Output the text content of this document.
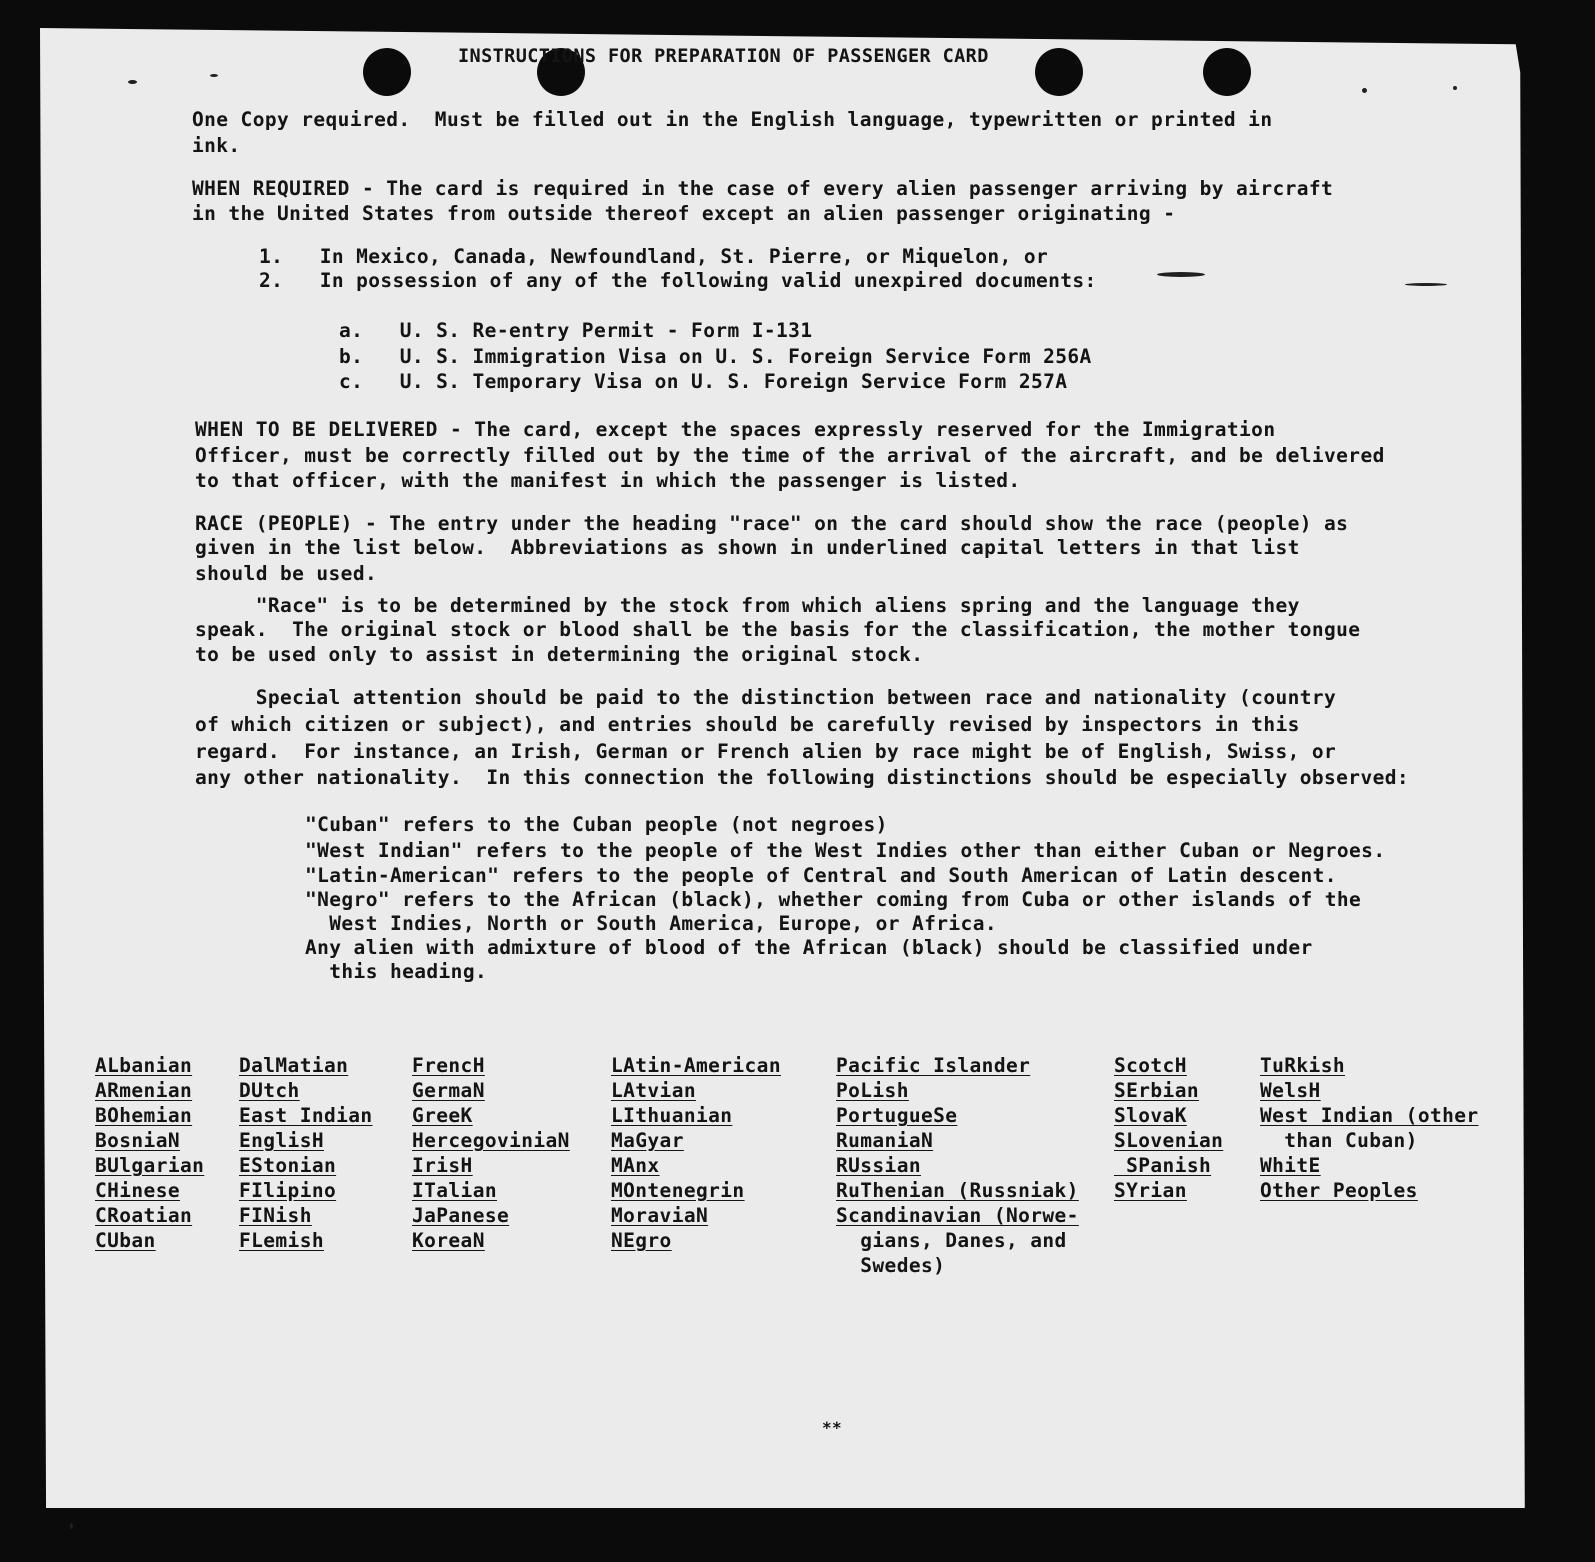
INSTRUCTIONS FOR PREPARATION OF PASSENGER CARD
One Copy required.  Must be filled out in the English language, typewritten or printed in
ink.
WHEN REQUIRED - The card is required in the case of every alien passenger arriving by aircraft
in the United States from outside thereof except an alien passenger originating -
1.   In Mexico, Canada, Newfoundland, St. Pierre, or Miquelon, or
2.   In possession of any of the following valid unexpired documents:
a.   U. S. Re-entry Permit - Form I-131
b.   U. S. Immigration Visa on U. S. Foreign Service Form 256A
c.   U. S. Temporary Visa on U. S. Foreign Service Form 257A
WHEN TO BE DELIVERED - The card, except the spaces expressly reserved for the Immigration
Officer, must be correctly filled out by the time of the arrival of the aircraft, and be delivered
to that officer, with the manifest in which the passenger is listed.
RACE (PEOPLE) - The entry under the heading "race" on the card should show the race (people) as
given in the list below.  Abbreviations as shown in underlined capital letters in that list
should be used.
"Race" is to be determined by the stock from which aliens spring and the language they
speak.  The original stock or blood shall be the basis for the classification, the mother tongue
to be used only to assist in determining the original stock.
Special attention should be paid to the distinction between race and nationality (country
of which citizen or subject), and entries should be carefully revised by inspectors in this
regard.  For instance, an Irish, German or French alien by race might be of English, Swiss, or
any other nationality.  In this connection the following distinctions should be especially observed:
"Cuban" refers to the Cuban people (not negroes)
"West Indian" refers to the people of the West Indies other than either Cuban or Negroes.
"Latin-American" refers to the people of Central and South American of Latin descent.
"Negro" refers to the African (black), whether coming from Cuba or other islands of the
West Indies, North or South America, Europe, or Africa.
Any alien with admixture of blood of the African (black) should be classified under
this heading.
ALbanian
ARmenian
BOhemian
BosniaN
BUlgarian
CHinese
CRoatian
CUban
DalMatian
DUtch
East Indian
EnglisH
EStonian
FIlipino
FINish
FLemish
FrencH
GermaN
GreeK
HercegoviniaN
IrisH
ITalian
JaPanese
KoreaN
LAtin-American
LAtvian
LIthuanian
MaGyar
MAnx
MOntenegrin
MoraviaN
NEgro
Pacific Islander
PoLish
PortugueSe
RumaniaN
RUssian
RuThenian (Russniak)
Scandinavian (Norwe-
gians, Danes, and
Swedes)
ScotcH
SErbian
SlovaK
SLovenian
SPanish
SYrian
TuRkish
WelsH
West Indian (other
than Cuban)
WhitE
Other Peoples
**
